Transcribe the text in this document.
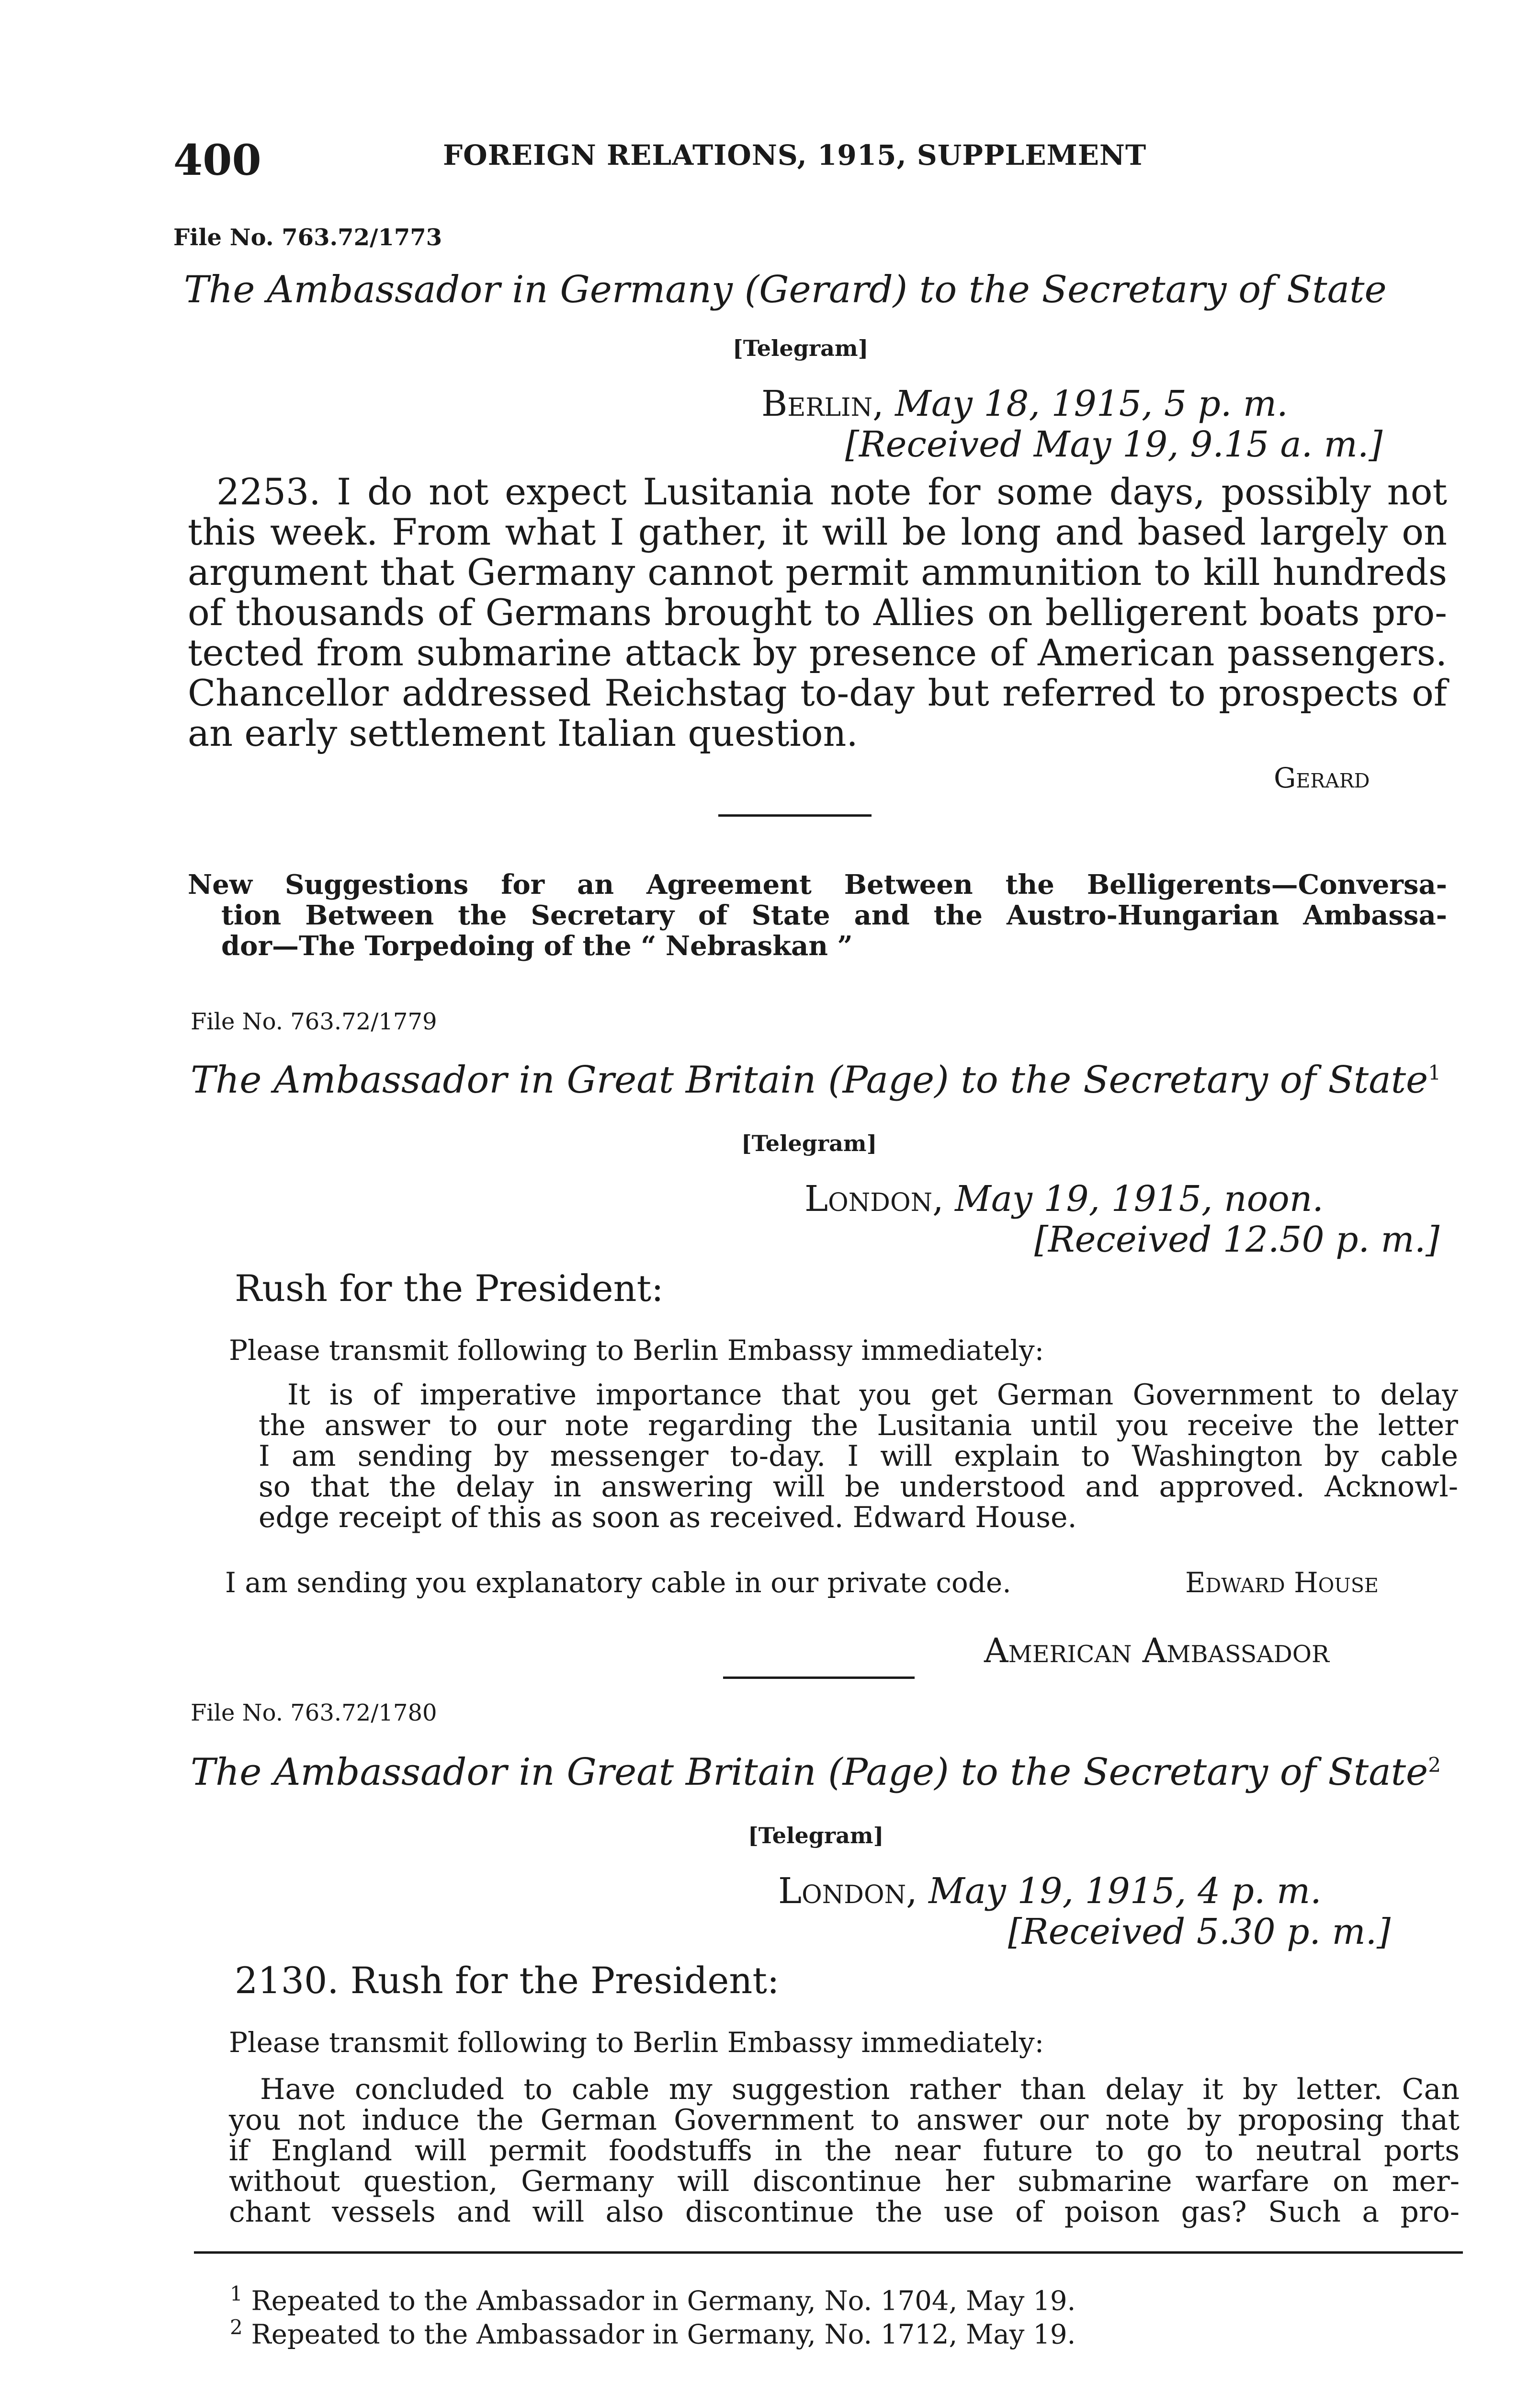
400	FOREIGN RELATIONS, 1915, SUPPLEMENT
File No. 763.72/1773
The Ambassador in Germany (Gerard) to the Secretary of State
[Telegram]
Berlin, May 18, 1915, 5 p. m.
[Received May 19, 9.15 a. m.]
2253. I do not expect Lusitania note for some days, possibly not
this week. From what I gather, it will be long and based largely on
argument that Germany cannot permit ammunition to kill hundreds
of thousands of Germans brought to Allies on belligerent boats pro-
tected from submarine attack by presence of American passengers.
Chancellor addressed Reichstag to-day but referred to prospects of
an early settlement Italian question.
Gerard
New Suggestions for an Agreement Between the Belligerents—Conversa-
tion Between the Secretary of State and the Austro-Hungarian Ambassa-
dor—The Torpedoing of the “ Nebraskan ”
File No. 763.72/1779
The Ambassador in Great Britain (Page) to the Secretary of State$^1$
[Telegram]
London, May 19, 1915, noon.
[Received 12.50 p. m.]
Rush for the President:
Please transmit following to Berlin Embassy immediately:
It is of imperative importance that you get German Government to delay
the answer to our note regarding the Lusitania until you receive the letter
I am sending by messenger to-day. I will explain to Washington by cable
so that the delay in answering will be understood and approved. Acknowl-
edge receipt of this as soon as received. Edward House.
I am sending you explanatory cable in our private code.	Edward House
American Ambassador
File No. 763.72/1780
The Ambassador in Great Britain (Page) to the Secretary of State$^2$
[Telegram]
London, May 19, 1915, 4 p. m.
[Received 5.30 p. m.]
2130. Rush for the President:
Please transmit following to Berlin Embassy immediately:
Have concluded to cable my suggestion rather than delay it by letter. Can
you not induce the German Government to answer our note by proposing that
if England will permit foodstuffs in the near future to go to neutral ports
without question, Germany will discontinue her submarine warfare on mer-
chant vessels and will also discontinue the use of poison gas? Such a pro-
$^1$ Repeated to the Ambassador in Germany, No. 1704, May 19.
$^2$ Repeated to the Ambassador in Germany, No. 1712, May 19.
